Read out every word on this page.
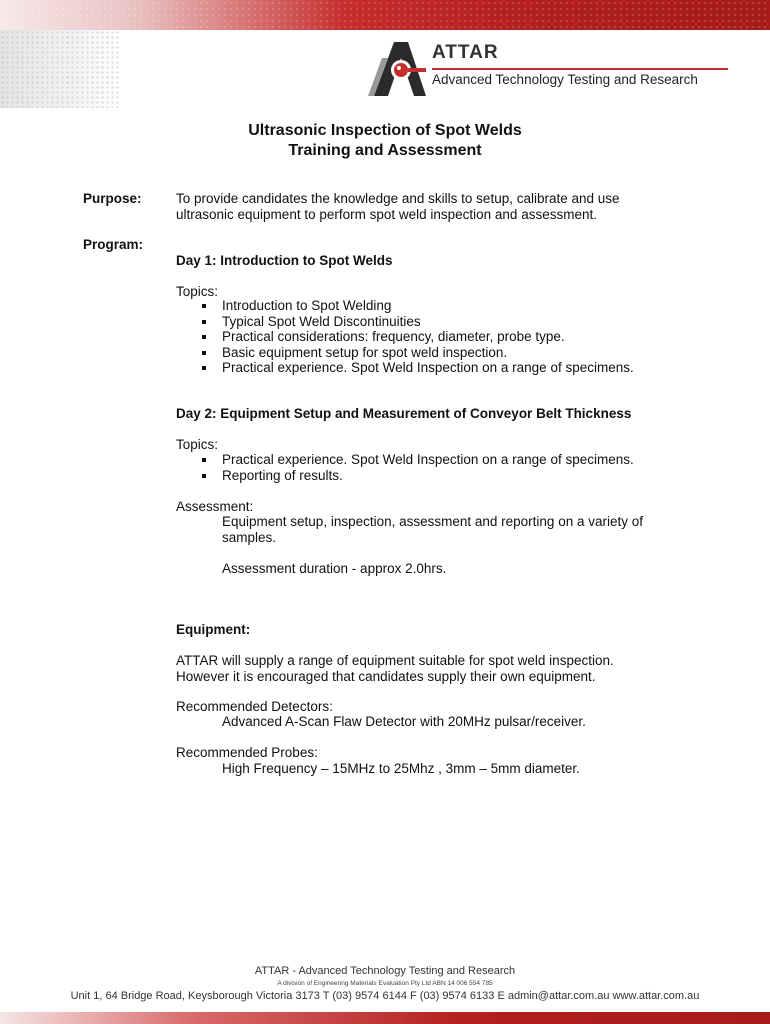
ATTAR
Advanced Technology Testing and Research
Ultrasonic Inspection of Spot Welds
Training and Assessment
Purpose:	To provide candidates the knowledge and skills to setup, calibrate and use
ultrasonic equipment to perform spot weld inspection and assessment.
Program:
Day 1: Introduction to Spot Welds
Topics:
Introduction to Spot Welding
Typical Spot Weld Discontinuities
Practical considerations: frequency, diameter, probe type.
Basic equipment setup for spot weld inspection.
Practical experience. Spot Weld Inspection on a range of specimens.
Day 2: Equipment Setup and Measurement of Conveyor Belt Thickness
Topics:
Practical experience. Spot Weld Inspection on a range of specimens.
Reporting of results.
Assessment:
Equipment setup, inspection, assessment and reporting on a variety of
samples.
Assessment duration - approx 2.0hrs.
Equipment:
ATTAR will supply a range of equipment suitable for spot weld inspection.
However it is encouraged that candidates supply their own equipment.
Recommended Detectors:
Advanced A-Scan Flaw Detector with 20MHz pulsar/receiver.
Recommended Probes:
High Frequency – 15MHz to 25Mhz , 3mm – 5mm diameter.
ATTAR - Advanced Technology Testing and Research
A division of Engineering Materials Evaluation Pty Ltd ABN 14 006 554 785
Unit 1, 64 Bridge Road, Keysborough Victoria 3173 T (03) 9574 6144 F (03) 9574 6133 E admin@attar.com.au www.attar.com.au
